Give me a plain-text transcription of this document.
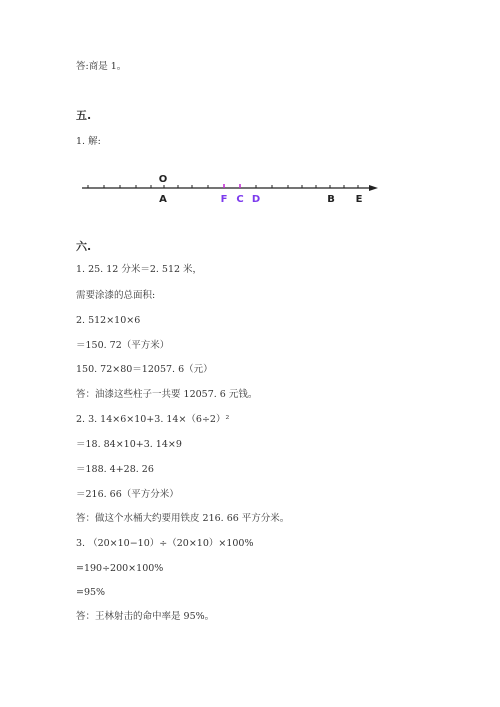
答:商是 1。
五.
1. 解:
O
A	F C D	B E
六.
1. 25. 12 分米＝2. 512 米，
需要涂漆的总面积:
2. 512×10×6
＝150. 72（平方米）
150. 72×80＝12057. 6（元）
答：油漆这些柱子一共要 12057. 6 元钱。
2. 3. 14×6×10+3. 14×（6÷2）²
＝18. 84×10+3. 14×9
＝188. 4+28. 26
＝216. 66（平方分米）
答：做这个水桶大约要用铁皮 216. 66 平方分米。
3. （20×10−10）÷（20×10）×100%
=190÷200×100%
=95%
答：王林射击的命中率是 95%。
